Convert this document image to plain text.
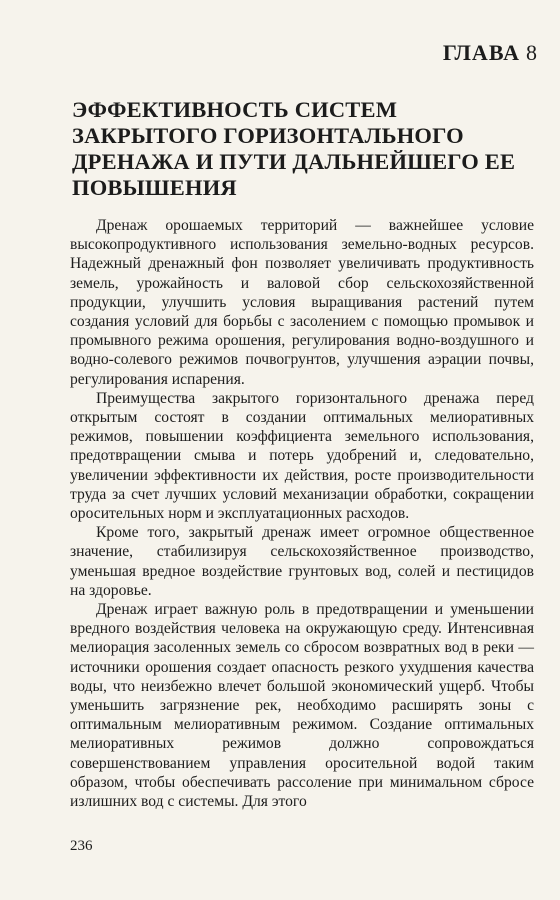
ГЛАВА 8
ЭФФЕКТИВНОСТЬ СИСТЕМ ЗАКРЫТОГО ГОРИЗОНТАЛЬНОГО ДРЕНАЖА И ПУТИ ДАЛЬНЕЙШЕГО ЕЕ ПОВЫШЕНИЯ

Дренаж орошаемых территорий — важнейшее условие высокопродуктивного использования земельно-водных ресурсов. Надежный дренажный фон позволяет увеличивать продуктивность земель, урожайность и валовой сбор сельскохозяйственной продукции, улучшить условия выращивания растений путем создания условий для борьбы с засолением с помощью промывок и промывного режима орошения, регулирования водно-воздушного и водно-солевого режимов почвогрунтов, улучшения аэрации почвы, регулирования испарения.

Преимущества закрытого горизонтального дренажа перед открытым состоят в создании оптимальных мелиоративных режимов, повышении коэффициента земельного использования, предотвращении смыва и потерь удобрений и, следовательно, увеличении эффективности их действия, росте производительности труда за счет лучших условий механизации обработки, сокращении оросительных норм и эксплуатационных расходов.

Кроме того, закрытый дренаж имеет огромное общественное значение, стабилизируя сельскохозяйственное производство, уменьшая вредное воздействие грунтовых вод, солей и пестицидов на здоровье.

Дренаж играет важную роль в предотвращении и уменьшении вредного воздействия человека на окружающую среду. Интенсивная мелиорация засоленных земель со сбросом возвратных вод в реки — источники орошения создает опасность резкого ухудшения качества воды, что неизбежно влечет большой экономический ущерб. Чтобы уменьшить загрязнение рек, необходимо расширять зоны с оптимальным мелиоративным режимом. Создание оптимальных мелиоративных режимов должно сопровождаться совершенствованием управления оросительной водой таким образом, чтобы обеспечивать рассоление при минимальном сбросе излишних вод с системы. Для этого

236
